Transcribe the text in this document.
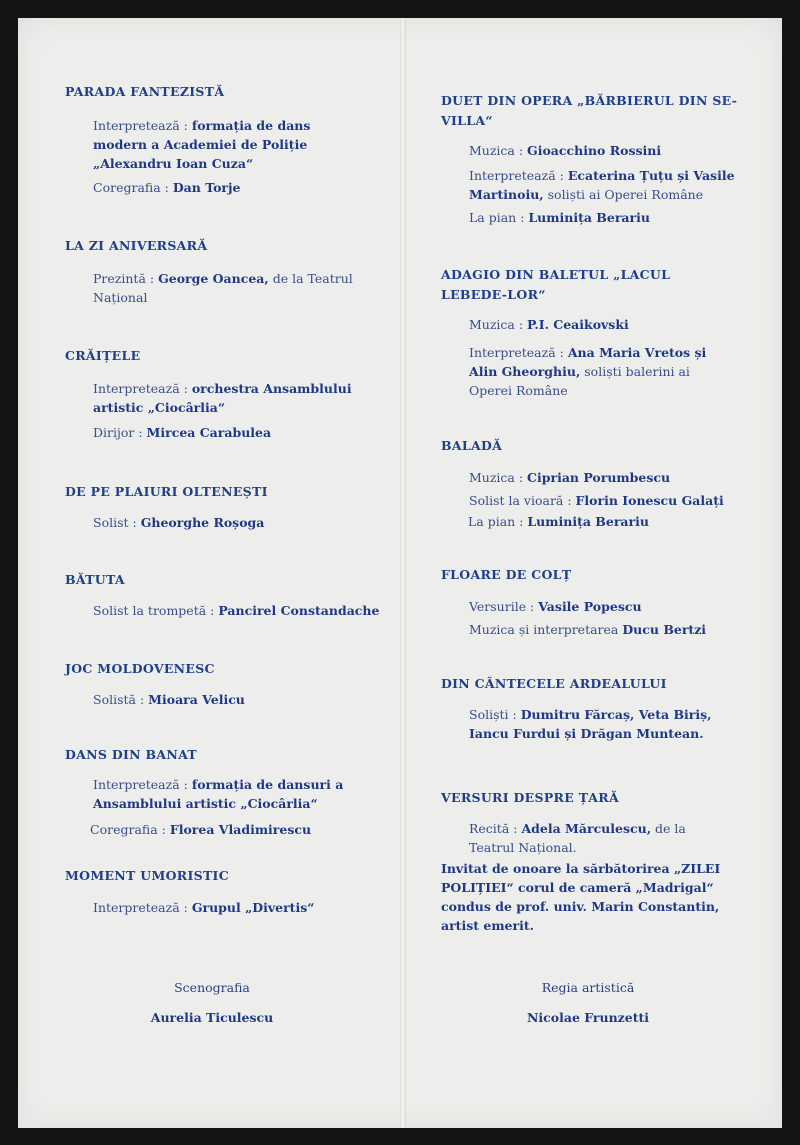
PARADA FANTEZISTĂ
Interpretează : formația de dans modern a Academiei de Poliție „Alexandru Ioan Cuza“
Coregrafia : Dan Torje
LA ZI ANIVERSARĂ
Prezintă : George Oancea, de la Teatrul Național
CRĂIȚELE
Interpretează : orchestra Ansamblului artistic „Ciocârlia“
Dirijor : Mircea Carabulea
DE PE PLAIURI OLTENEȘTI
Solist : Gheorghe Roșoga
BĂTUTA
Solist la trompetă : Pancirel Constandache
JOC MOLDOVENESC
Solistă : Mioara Velicu
DANS DIN BANAT
Interpretează : formația de dansuri a Ansamblului artistic „Ciocârlia“
Coregrafia : Florea Vladimirescu
MOMENT UMORISTIC
Interpretează : Grupul „Divertis“
Scenografia
Aurelia Ticulescu
DUET DIN OPERA „BĂRBIERUL DIN SE-VILLA“
Muzica : Gioacchino Rossini
Interpretează : Ecaterina Țuțu și Vasile Martinoiu, soliști ai Operei Române
La pian : Luminița Berariu
ADAGIO DIN BALETUL „LACUL LEBEDE-LOR“
Muzica : P.I. Ceaikovski
Interpretează : Ana Maria Vretos și Alin Gheorghiu, soliști balerini ai Operei Române
BALADĂ
Muzica : Ciprian Porumbescu
Solist la vioară : Florin Ionescu Galați
La pian : Luminița Berariu
FLOARE DE COLȚ
Versurile : Vasile Popescu
Muzica și interpretarea Ducu Bertzi
DIN CÂNTECELE ARDEALULUI
Soliști : Dumitru Fărcaș, Veta Biriș, Iancu Furdui și Drăgan Muntean.
VERSURI DESPRE ȚARĂ
Recită : Adela Mărculescu, de la Teatrul Național.
Invitat de onoare la sărbătorirea „ZILEI POLIȚIEI“ corul de cameră „Madrigal“ condus de prof. univ. Marin Constantin, artist emerit.
Regia artistică
Nicolae Frunzetti
